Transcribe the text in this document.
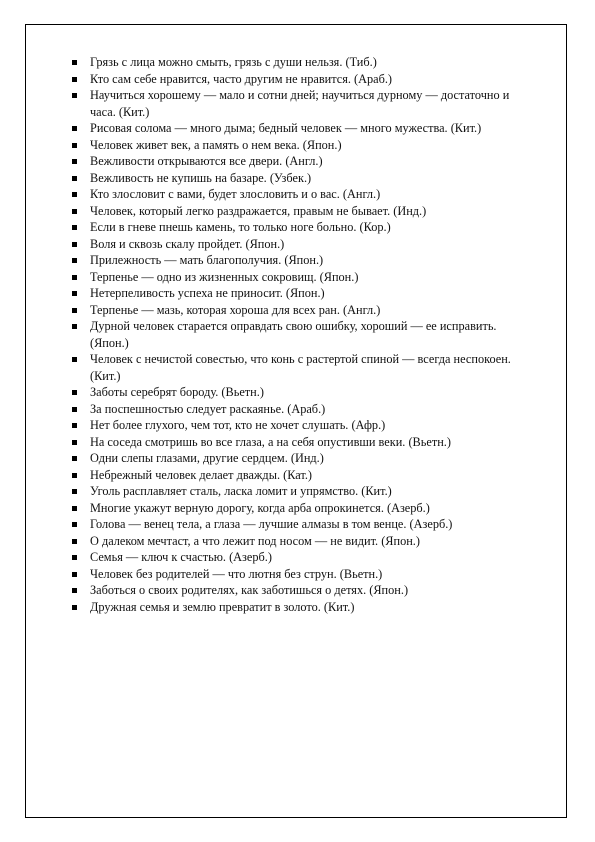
Грязь с лица можно смыть, грязь с души нельзя. (Тиб.)
Кто сам себе нравится, часто другим не нравится. (Араб.)
Научиться хорошему — мало и сотни дней; научиться дурному — достаточно и часа. (Кит.)
Рисовая солома — много дыма; бедный человек — много мужества. (Кит.)
Человек живет век, а память о нем века. (Япон.)
Вежливости открываются все двери. (Англ.)
Вежливость не купишь на базаре. (Узбек.)
Кто злословит с вами, будет злословить и о вас. (Англ.)
Человек, который легко раздражается, правым не бывает. (Инд.)
Если в гневе пнешь камень, то только ноге больно. (Кор.)
Воля и сквозь скалу пройдет. (Япон.)
Прилежность — мать благополучия. (Япон.)
Терпенье — одно из жизненных сокровищ. (Япон.)
Нетерпеливость успеха не приносит. (Япон.)
Терпенье — мазь, которая хороша для всех ран. (Англ.)
Дурной человек старается оправдать свою ошибку, хороший — ее исправить. (Япон.)
Человек с нечистой совестью, что конь с растертой спиной — всегда неспокоен. (Кит.)
Заботы серебрят бороду. (Вьетн.)
За поспешностью следует раскаянье. (Араб.)
Нет более глухого, чем тот, кто не хочет слушать. (Афр.)
На соседа смотришь во все глаза, а на себя опустивши веки. (Вьетн.)
Одни слепы глазами, другие сердцем. (Инд.)
Небрежный человек делает дважды. (Кат.)
Уголь расплавляет сталь, ласка ломит и упрямство. (Кит.)
Многие укажут верную дорогу, когда арба опрокинется. (Азерб.)
Голова — венец тела, а глаза — лучшие алмазы в том венце. (Азерб.)
О далеком мечтаст, а что лежит под носом — не видит. (Япон.)
Семья — ключ к счастью. (Азерб.)
Человек без родителей — что лютня без струн. (Вьетн.)
Заботься о своих родителях, как заботишься о детях. (Япон.)
Дружная семья и землю превратит в золото. (Кит.)
